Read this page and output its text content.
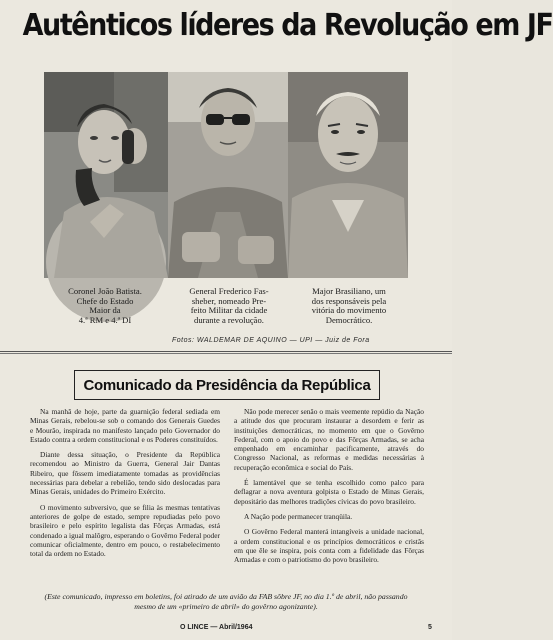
Autênticos líderes da Revolução em JF
Coronel João Batista.
Chefe do Estado
Maior da
4.ª RM e 4.ª DI
General Frederico Fas-
sheber, nomeado Pre-
feito Militar da cidade
durante a revolução.
Major Brasiliano, um
dos responsáveis pela
vitória do movimento
Democrático.
Fotos: WALDEMAR DE AQUINO — UPI — Juiz de Fora
Comunicado da Presidência da República

Na manhã de hoje, parte da guarnição federal sediada em Minas Gerais, rebelou-se sob o comando dos Generais Guedes e Mourão, inspirada no manifesto lançado pelo Governador do Estado contra a ordem constitucional e os Poderes constituídos.

Diante dessa situação, o Presidente da República recomendou ao Ministro da Guerra, General Jair Dantas Ribeiro, que fôssem imediatamente tomadas as providências necessárias para debelar a rebelião, tendo sido deslocadas para Minas Gerais, unidades do Primeiro Exército.

O movimento subversivo, que se filia às mesmas tentativas anteriores de golpe de estado, sempre repudiadas pelo povo brasileiro e pelo espírito legalista das Fôrças Armadas, está condenado a igual malôgro, esperando o Govêrno Federal poder comunicar oficialmente, dentro em pouco, o restabelecimento total da ordem no Estado.

Não pode merecer senão o mais veemente repúdio da Nação a atitude dos que procuram instaurar a desordem e ferir as instituições democráticas, no momento em que o Govêrno Federal, com o apoio do povo e das Fôrças Armadas, se acha empenhado em encaminhar pacificamente, através do Congresso Nacional, as reformas e medidas necessárias à recuperação econômica e social do País.

É lamentável que se tenha escolhido como palco para deflagrar a nova aventura golpista o Estado de Minas Gerais, depositário das melhores tradições cívicas do povo brasileiro.

A Nação pode permanecer tranqüila.

O Govêrno Federal manterá intangíveis a unidade nacional, a ordem constitucional e os princípios democráticos e cristãs em que êle se inspira, pois conta com a fidelidade das Fôrças Armadas e com o patriotismo do povo brasileiro.

(Este comunicado, impresso em boletins, foi atirado de um avião da FAB sôbre JF, no dia 1.º de abril, não passando mesmo de um «primeiro de abril» do govêrno agonizante).
O LINCE — Abril/1964	5
